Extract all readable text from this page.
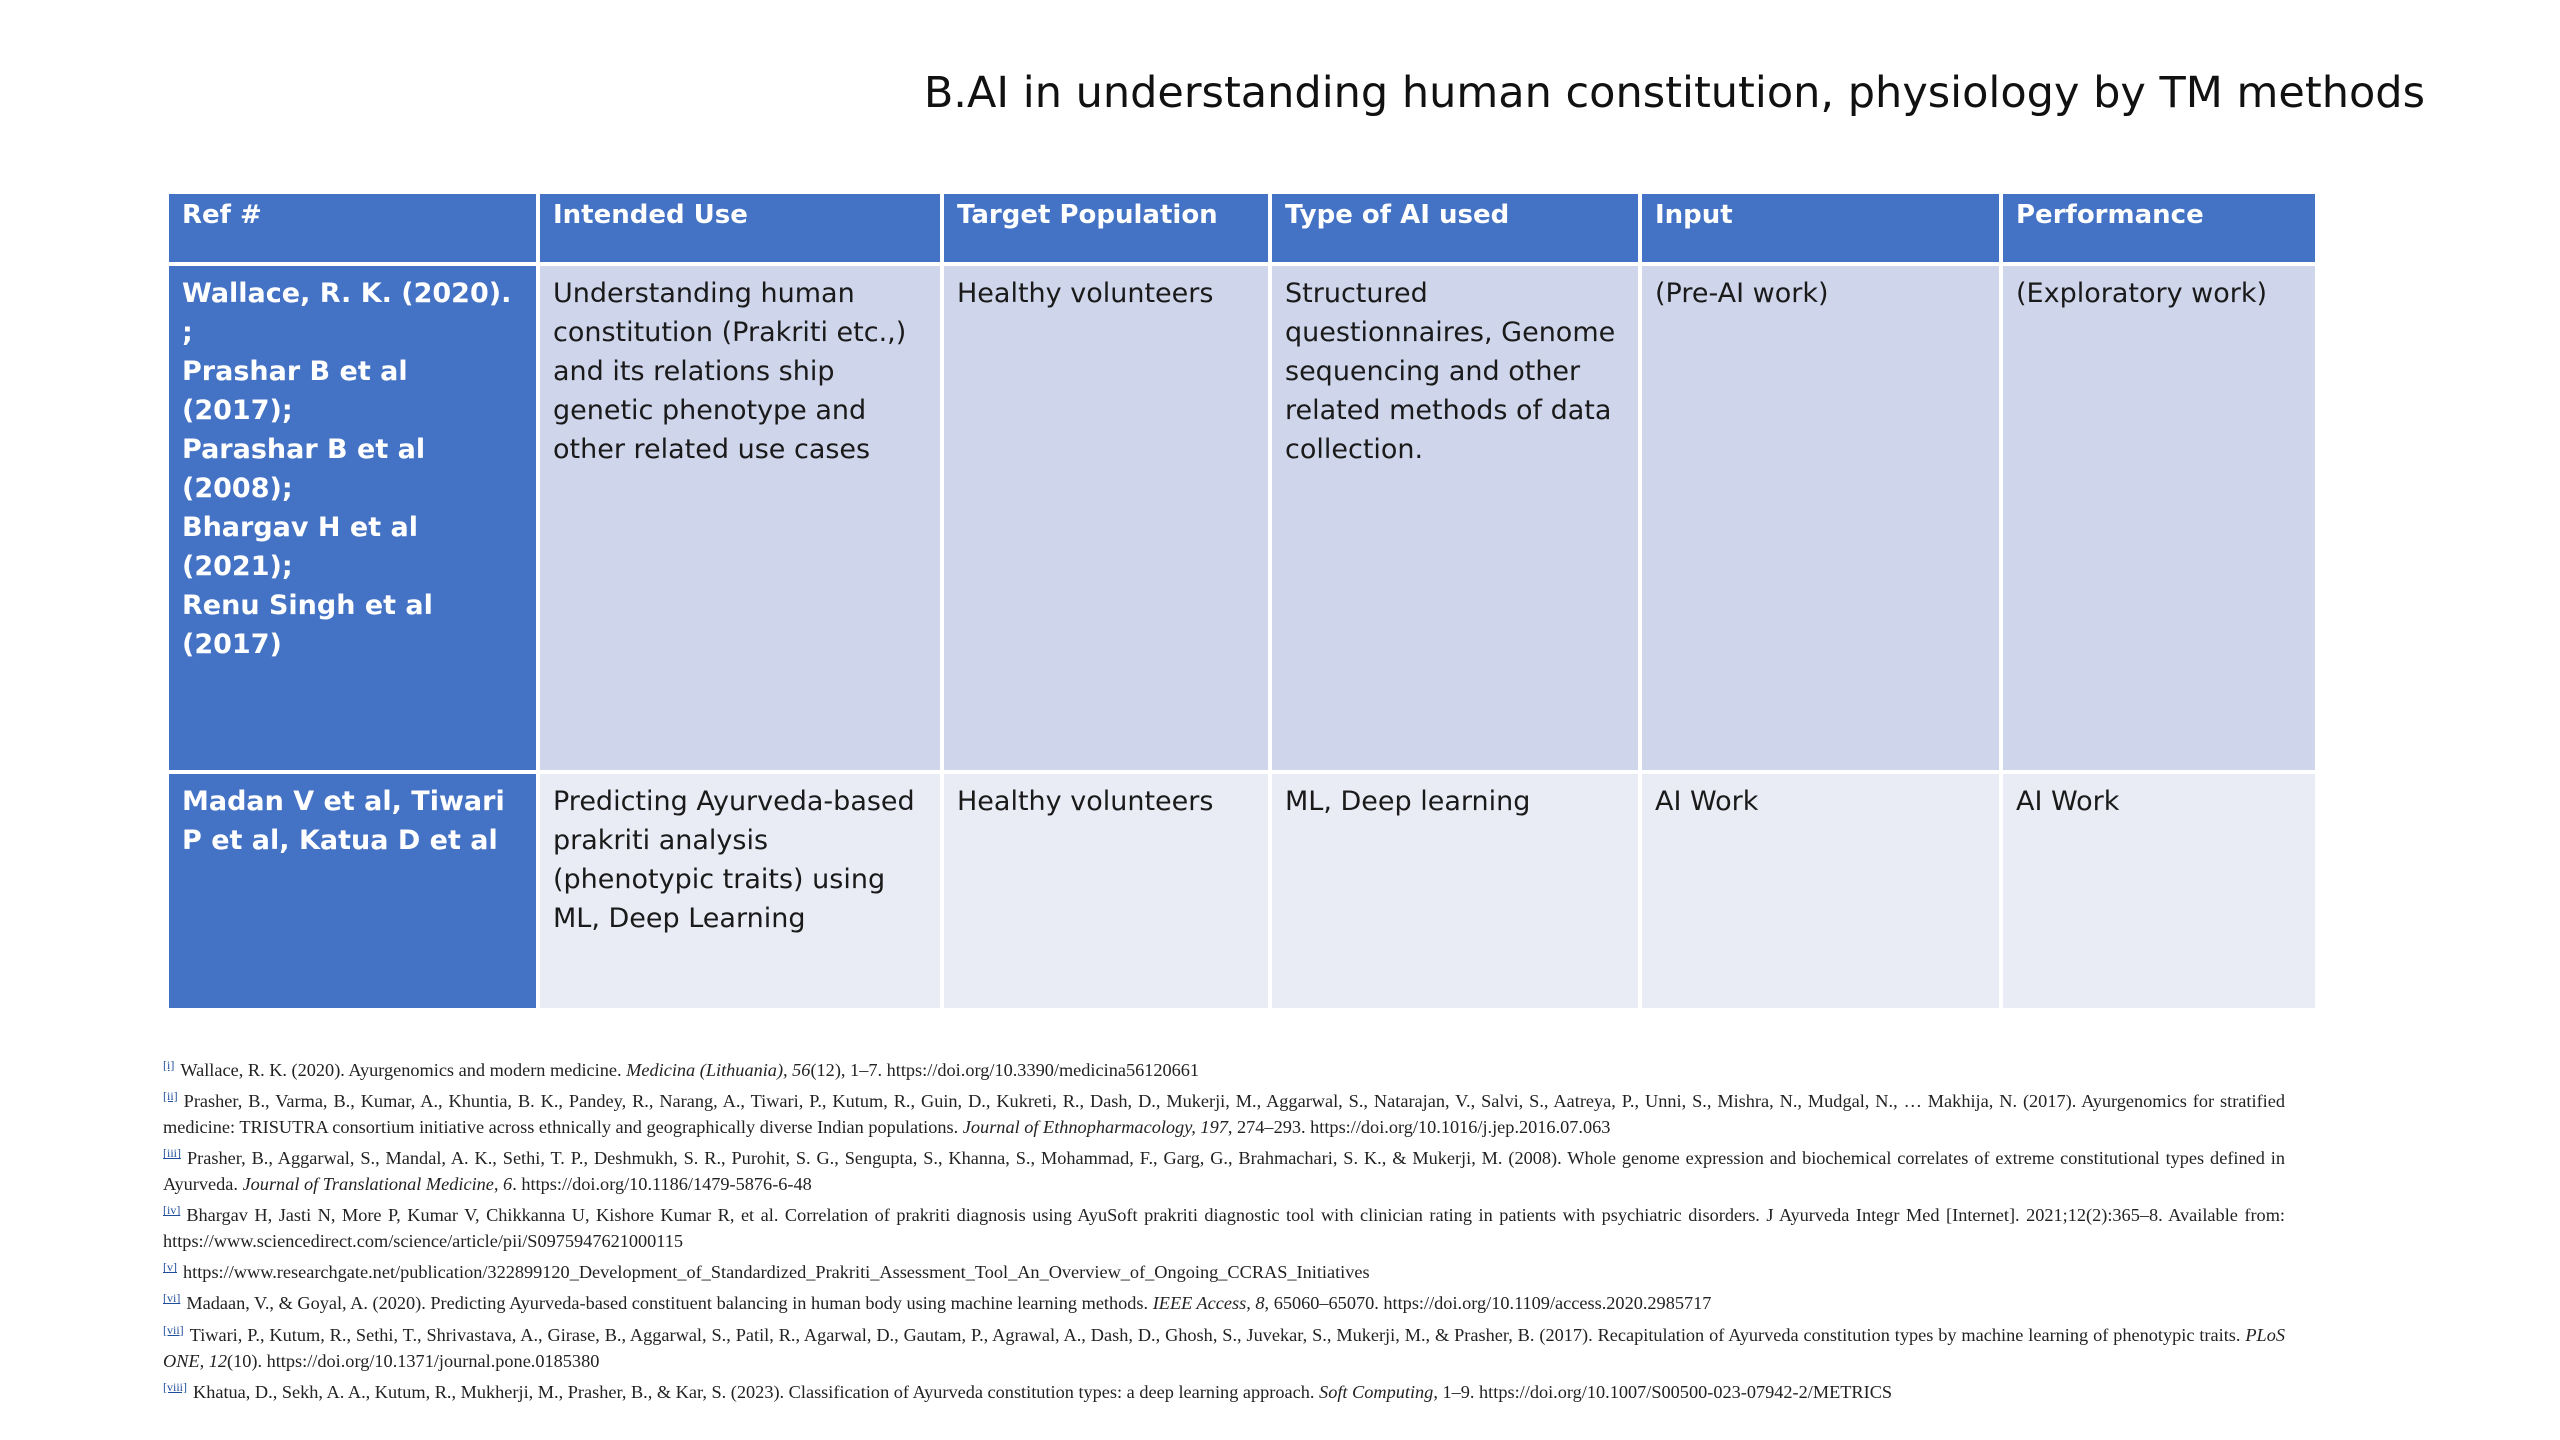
B.AI in understanding human constitution, physiology by TM methods
Ref #	Intended Use	Target Population	Type of AI used	Input	Performance

Wallace, R. K. (2020). ;
Prashar B et al (2017);
Parashar B et al (2008);
Bhargav H et al (2021);
Renu Singh et al (2017)	Understanding human constitution (Prakriti etc.,) and its relations ship genetic phenotype and other related use cases	Healthy volunteers	Structured questionnaires, Genome sequencing and other related methods of data collection.	(Pre-AI work)	(Exploratory work)

Madan V et al, Tiwari P et al, Katua D et al	Predicting Ayurveda-based prakriti analysis (phenotypic traits) using ML, Deep Learning	Healthy volunteers	ML, Deep learning	AI Work	AI Work

[i] Wallace, R. K. (2020). Ayurgenomics and modern medicine. Medicina (Lithuania), 56(12), 1–7. https://doi.org/10.3390/medicina56120661

[ii] Prasher, B., Varma, B., Kumar, A., Khuntia, B. K., Pandey, R., Narang, A., Tiwari, P., Kutum, R., Guin, D., Kukreti, R., Dash, D., Mukerji, M., Aggarwal, S., Natarajan, V., Salvi, S., Aatreya, P., Unni, S., Mishra, N., Mudgal, N., … Makhija, N. (2017). Ayurgenomics for stratified medicine: TRISUTRA consortium initiative across ethnically and geographically diverse Indian populations. Journal of Ethnopharmacology, 197, 274–293. https://doi.org/10.1016/j.jep.2016.07.063

[iii] Prasher, B., Aggarwal, S., Mandal, A. K., Sethi, T. P., Deshmukh, S. R., Purohit, S. G., Sengupta, S., Khanna, S., Mohammad, F., Garg, G., Brahmachari, S. K., & Mukerji, M. (2008). Whole genome expression and biochemical correlates of extreme constitutional types defined in Ayurveda. Journal of Translational Medicine, 6. https://doi.org/10.1186/1479-5876-6-48

[iv] Bhargav H, Jasti N, More P, Kumar V, Chikkanna U, Kishore Kumar R, et al. Correlation of prakriti diagnosis using AyuSoft prakriti diagnostic tool with clinician rating in patients with psychiatric disorders. J Ayurveda Integr Med [Internet]. 2021;12(2):365–8. Available from: https://www.sciencedirect.com/science/article/pii/S0975947621000115

[v] https://www.researchgate.net/publication/322899120_Development_of_Standardized_Prakriti_Assessment_Tool_An_Overview_of_Ongoing_CCRAS_Initiatives

[vi] Madaan, V., & Goyal, A. (2020). Predicting Ayurveda-based constituent balancing in human body using machine learning methods. IEEE Access, 8, 65060–65070. https://doi.org/10.1109/access.2020.2985717

[vii] Tiwari, P., Kutum, R., Sethi, T., Shrivastava, A., Girase, B., Aggarwal, S., Patil, R., Agarwal, D., Gautam, P., Agrawal, A., Dash, D., Ghosh, S., Juvekar, S., Mukerji, M., & Prasher, B. (2017). Recapitulation of Ayurveda constitution types by machine learning of phenotypic traits. PLoS ONE, 12(10). https://doi.org/10.1371/journal.pone.0185380

[viii] Khatua, D., Sekh, A. A., Kutum, R., Mukherji, M., Prasher, B., & Kar, S. (2023). Classification of Ayurveda constitution types: a deep learning approach. Soft Computing, 1–9. https://doi.org/10.1007/S00500-023-07942-2/METRICS
